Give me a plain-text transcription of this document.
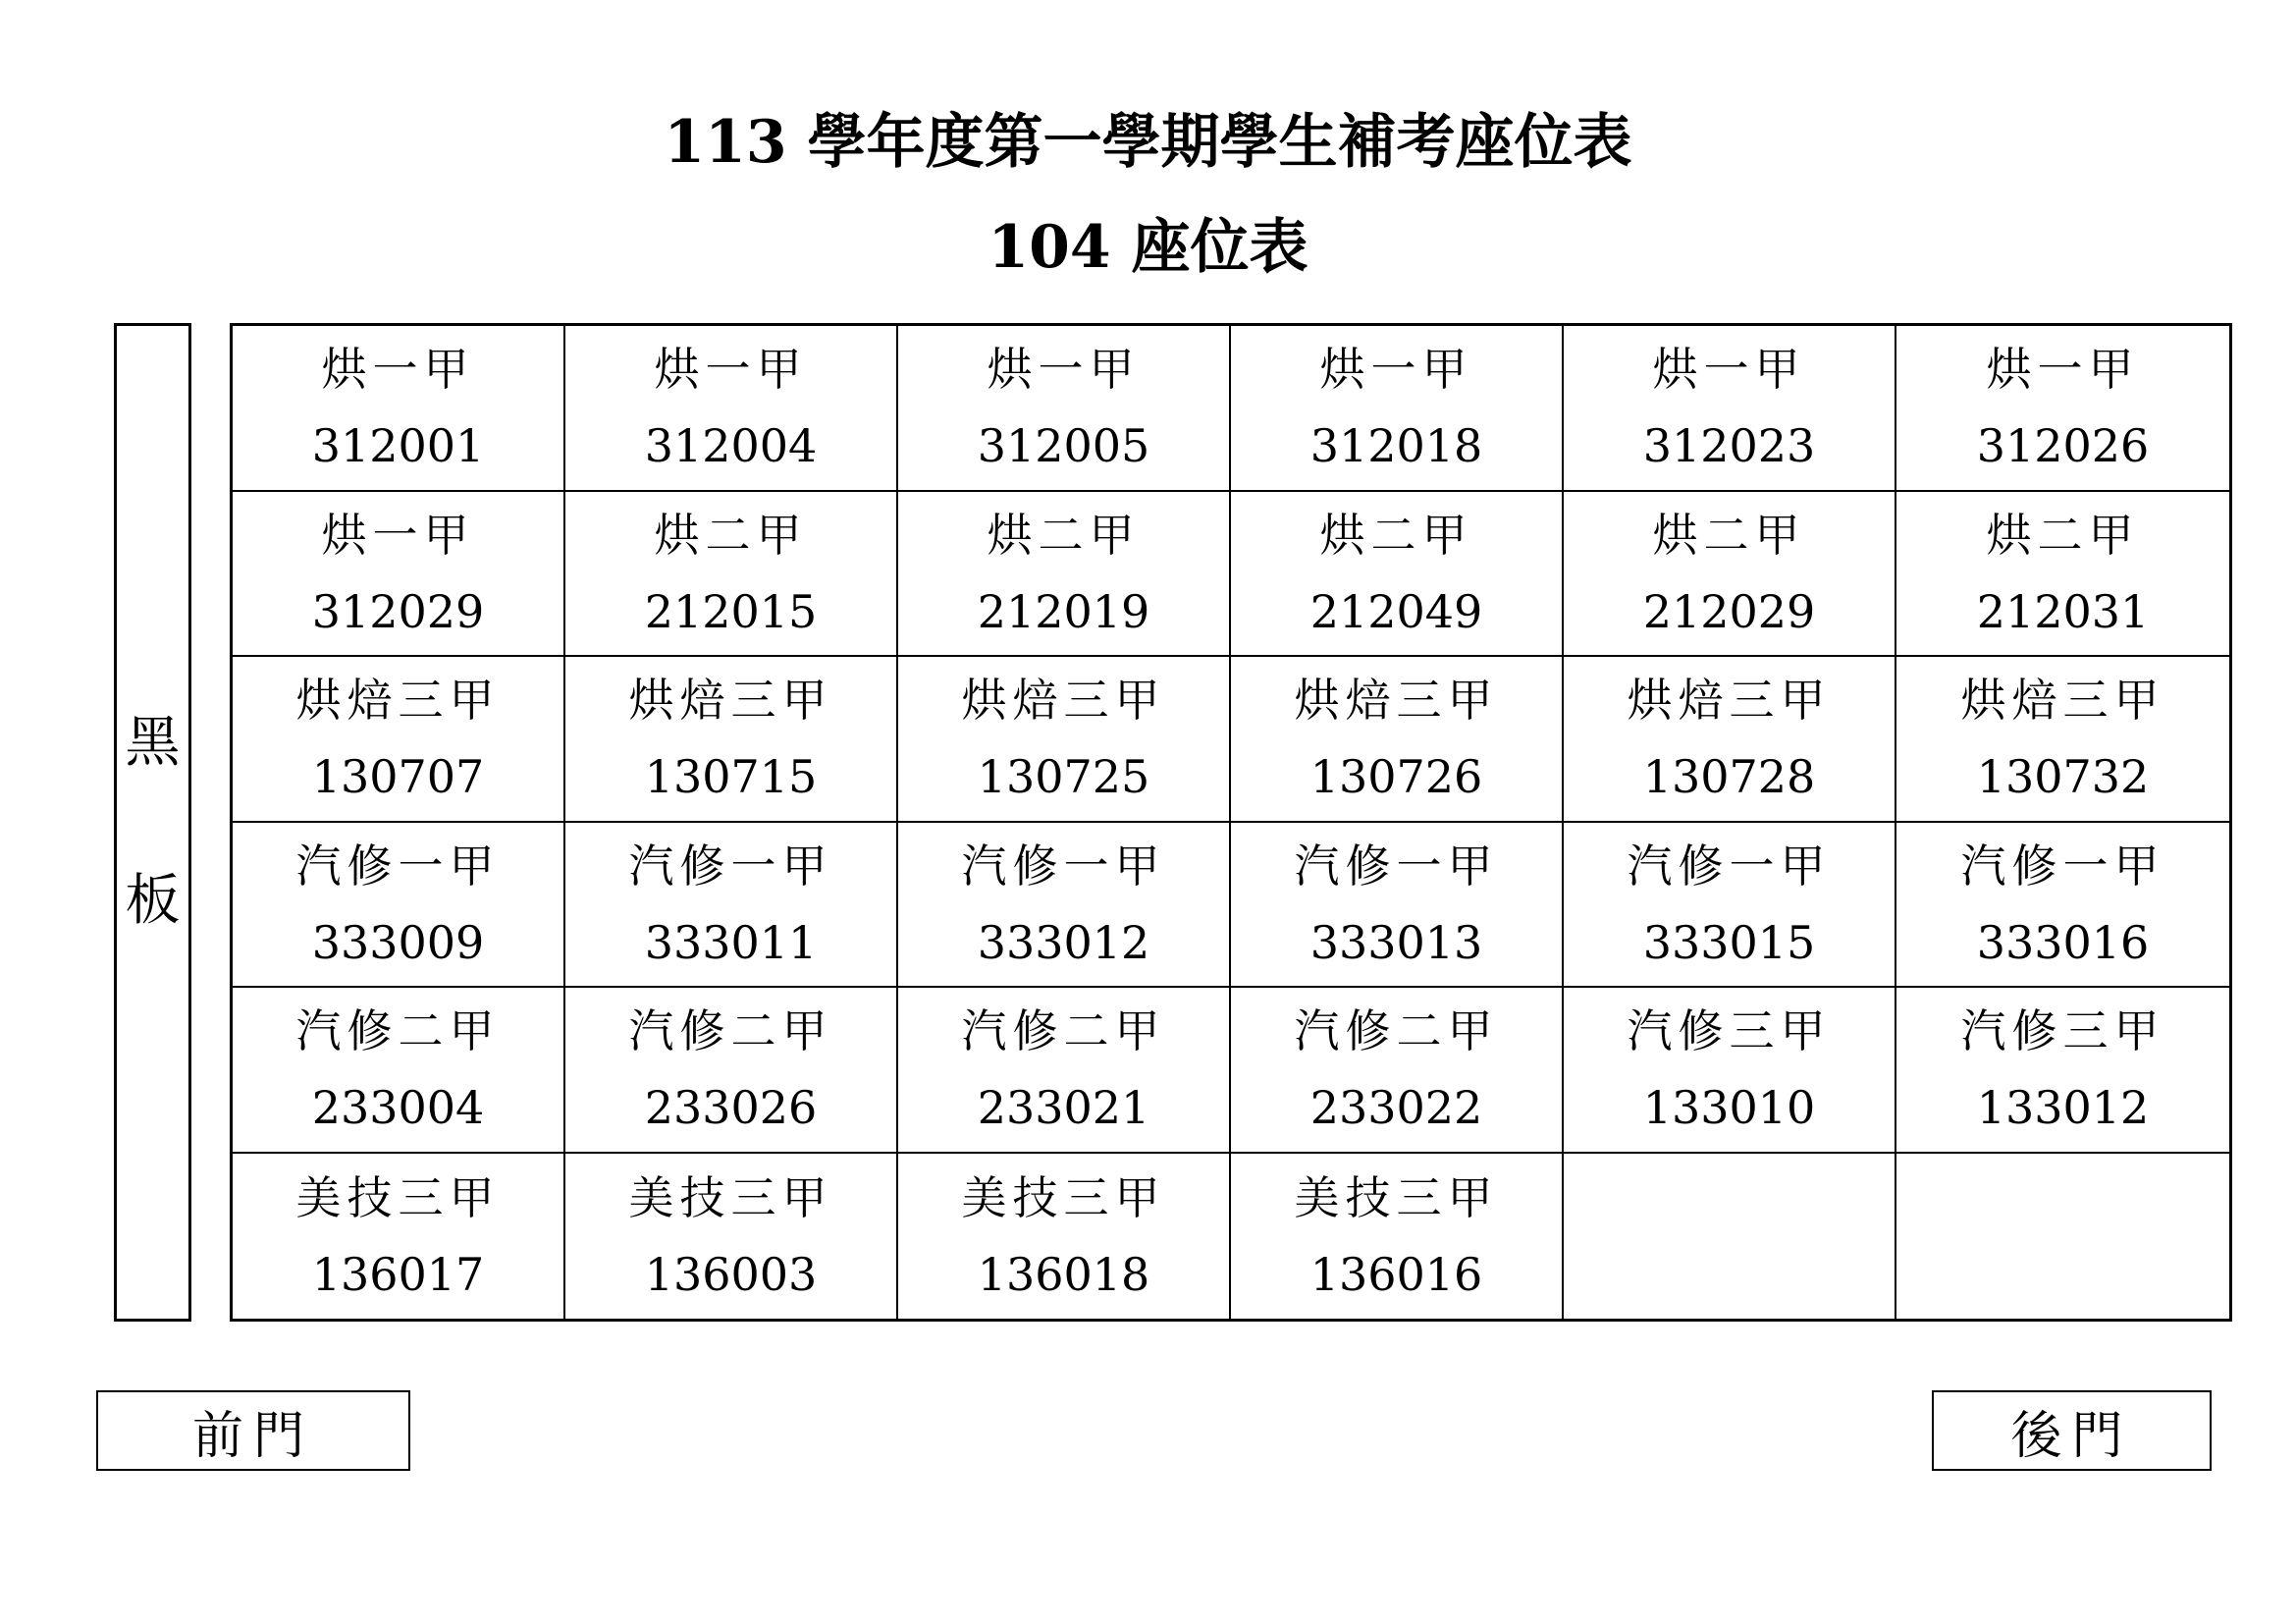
113 學年度第一學期學生補考座位表
104 座位表
黑
板
烘一甲
312001
烘一甲
312004
烘一甲
312005
烘一甲
312018
烘一甲
312023
烘一甲
312026
烘一甲
312029
烘二甲
212015
烘二甲
212019
烘二甲
212049
烘二甲
212029
烘二甲
212031
烘焙三甲
130707
烘焙三甲
130715
烘焙三甲
130725
烘焙三甲
130726
烘焙三甲
130728
烘焙三甲
130732
汽修一甲
333009
汽修一甲
333011
汽修一甲
333012
汽修一甲
333013
汽修一甲
333015
汽修一甲
333016
汽修二甲
233004
汽修二甲
233026
汽修二甲
233021
汽修二甲
233022
汽修三甲
133010
汽修三甲
133012
美技三甲
136017
美技三甲
136003
美技三甲
136018
美技三甲
136016
前門	後門
